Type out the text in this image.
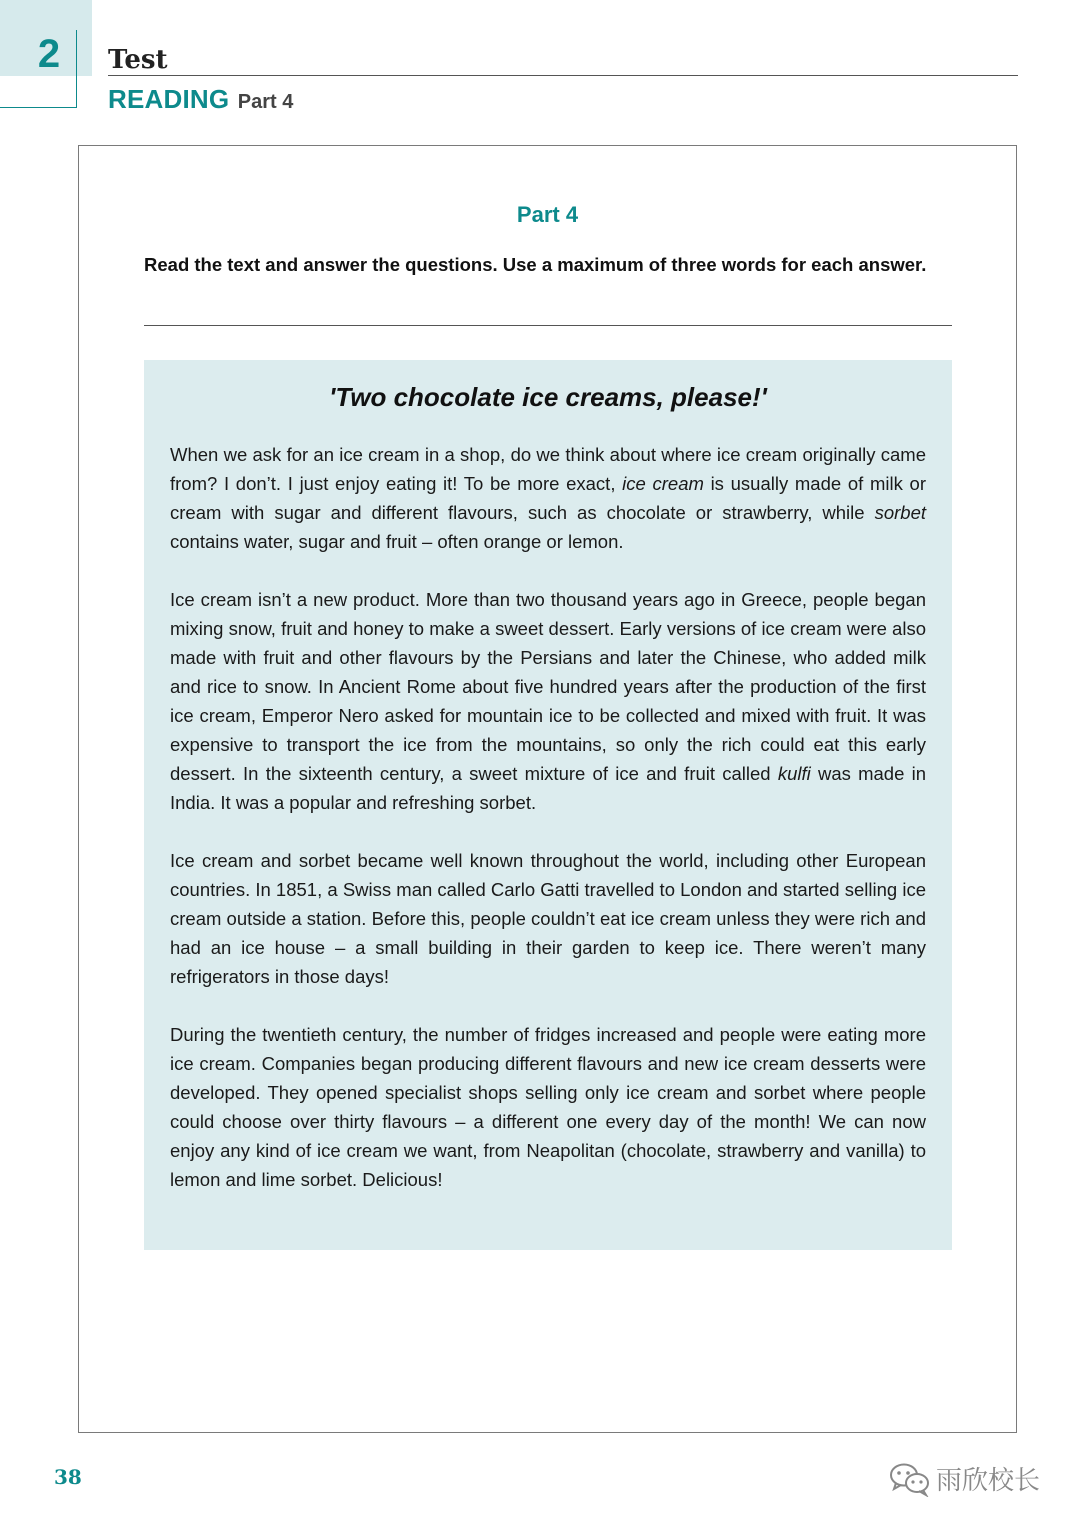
2	Test
READING Part 4
Part 4
Read the text and answer the questions. Use a maximum of three words for each answer.
'Two chocolate ice creams, please!'

When we ask for an ice cream in a shop, do we think about where ice cream originally came from? I don’t. I just enjoy eating it! To be more exact, ice cream is usually made of milk or cream with sugar and different flavours, such as chocolate or strawberry, while sorbet contains water, sugar and fruit – often orange or lemon.

Ice cream isn’t a new product. More than two thousand years ago in Greece, people began mixing snow, fruit and honey to make a sweet dessert. Early versions of ice cream were also made with fruit and other flavours by the Persians and later the Chinese, who added milk and rice to snow. In Ancient Rome about five hundred years after the production of the first ice cream, Emperor Nero asked for mountain ice to be collected and mixed with fruit. It was expensive to transport the ice from the mountains, so only the rich could eat this early dessert. In the sixteenth century, a sweet mixture of ice and fruit called kulfi was made in India. It was a popular and refreshing sorbet.

Ice cream and sorbet became well known throughout the world, including other European countries. In 1851, a Swiss man called Carlo Gatti travelled to London and started selling ice cream outside a station. Before this, people couldn’t eat ice cream unless they were rich and had an ice house – a small building in their garden to keep ice. There weren’t many refrigerators in those days!

During the twentieth century, the number of fridges increased and people were eating more ice cream. Companies began producing different flavours and new ice cream desserts were developed. They opened specialist shops selling only ice cream and sorbet where people could choose over thirty flavours – a different one every day of the month! We can now enjoy any kind of ice cream we want, from Neapolitan (chocolate, strawberry and vanilla) to lemon and lime sorbet. Delicious!

38	雨欣校长
